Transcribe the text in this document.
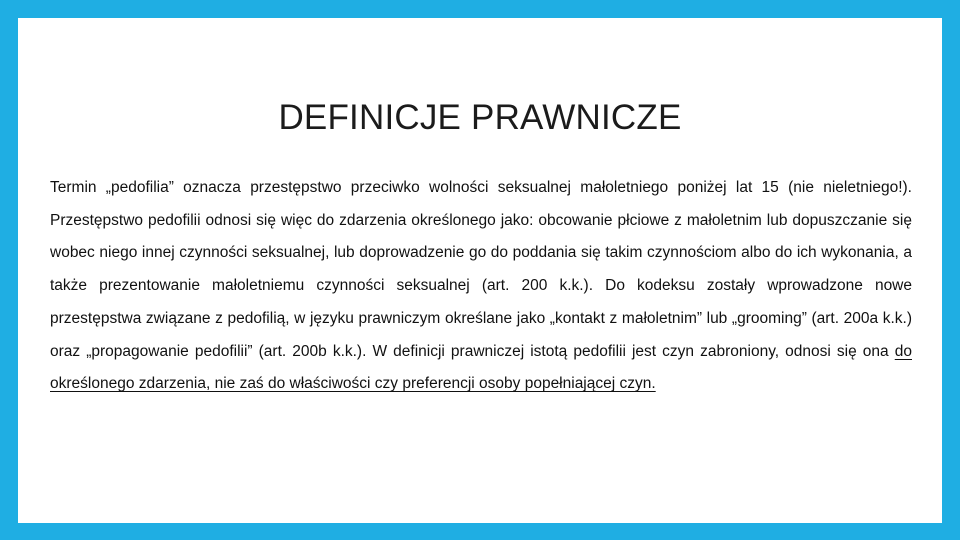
DEFINICJE PRAWNICZE

Termin „pedofilia” oznacza przestępstwo przeciwko wolności seksualnej małoletniego poniżej lat 15 (nie nieletniego!). Przestępstwo pedofilii odnosi się więc do zdarzenia określonego jako: obcowanie płciowe z małoletnim lub dopuszczanie się wobec niego innej czynności seksualnej, lub doprowadzenie go do poddania się takim czynnościom albo do ich wykonania, a także prezentowanie małoletniemu czynności seksualnej (art. 200 k.k.). Do kodeksu zostały wprowadzone nowe przestępstwa związane z pedofilią, w języku prawniczym określane jako „kontakt z małoletnim” lub „grooming” (art. 200a k.k.) oraz „propagowanie pedofilii” (art. 200b k.k.). W definicji prawniczej istotą pedofilii jest czyn zabroniony, odnosi się ona do określonego zdarzenia, nie zaś do właściwości czy preferencji osoby popełniającej czyn.
